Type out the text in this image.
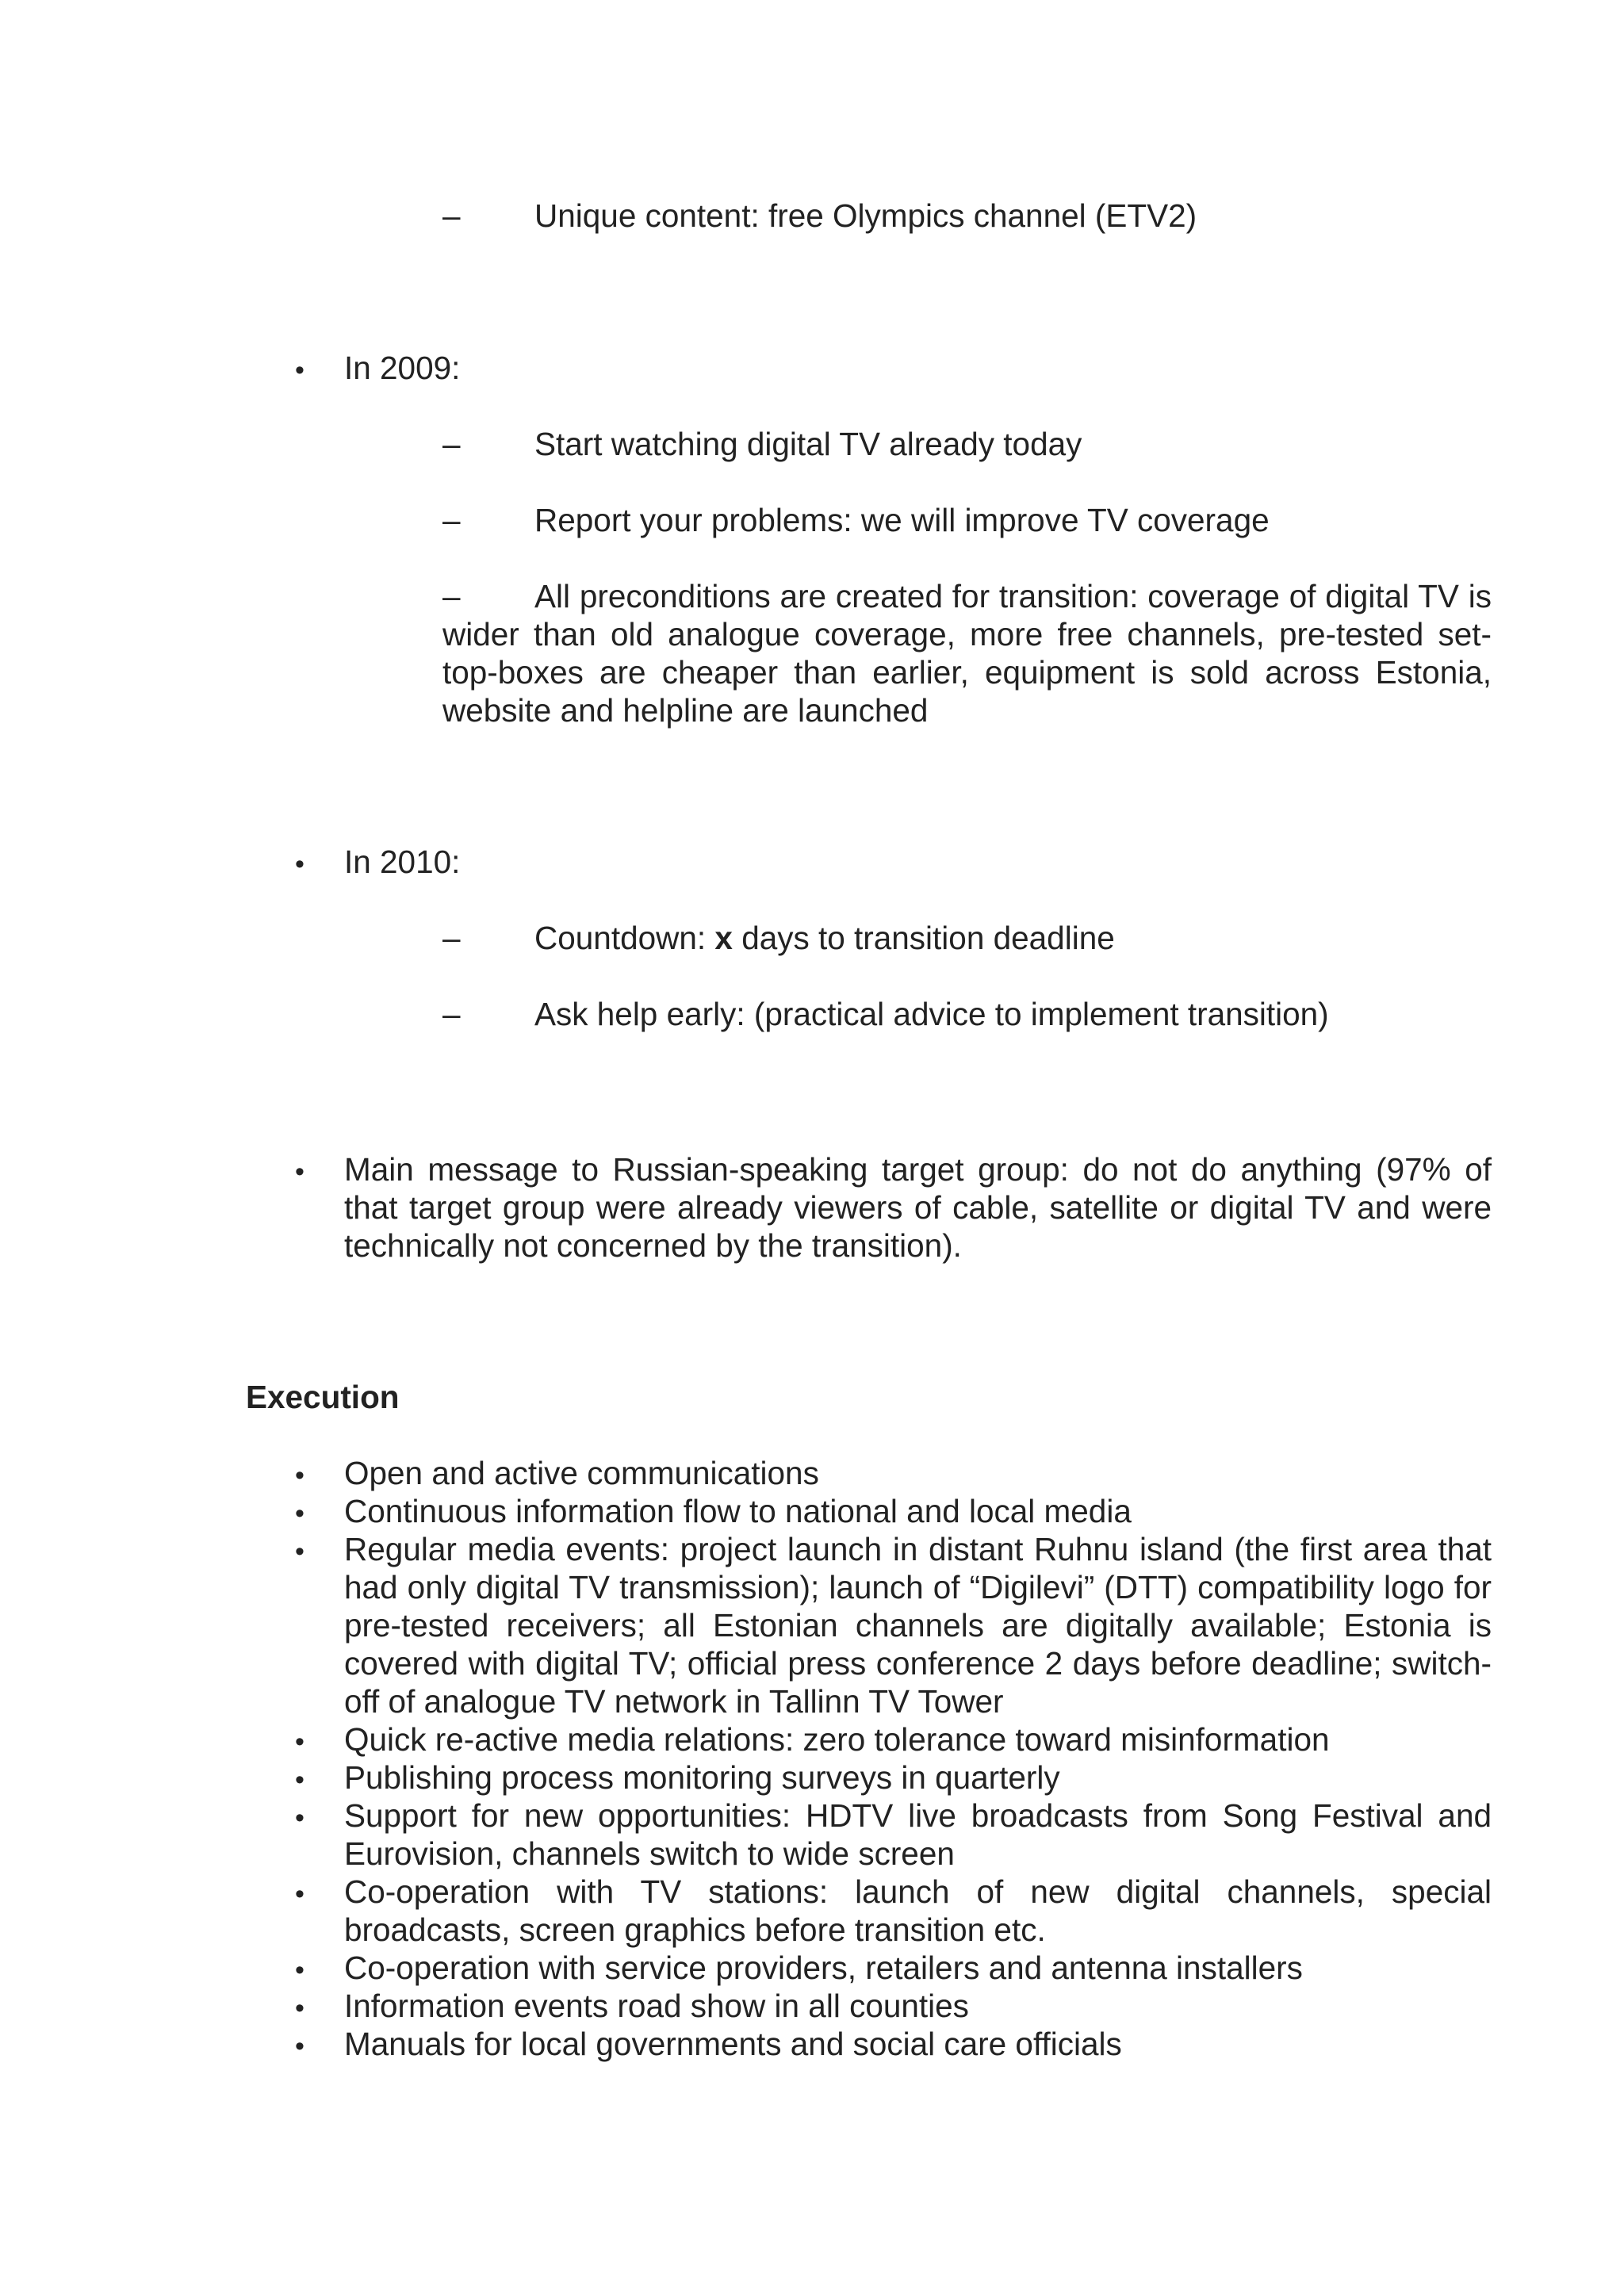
– Unique content: free Olympics channel (ETV2)
• In 2009:
– Start watching digital TV already today
– Report your problems: we will improve TV coverage
– All preconditions are created for transition: coverage of digital TV is wider than old analogue coverage, more free channels, pre-tested set-top-boxes are cheaper than earlier, equipment is sold across Estonia, website and helpline are launched
• In 2010:
– Countdown: x days to transition deadline
– Ask help early: (practical advice to implement transition)
• Main message to Russian-speaking target group: do not do anything (97% of that target group were already viewers of cable, satellite or digital TV and were technically not concerned by the transition).
Execution
• Open and active communications
• Continuous information flow to national and local media
• Regular media events: project launch in distant Ruhnu island (the first area that had only digital TV transmission); launch of “Digilevi” (DTT) compatibility logo for pre-tested receivers; all Estonian channels are digitally available; Estonia is covered with digital TV; official press conference 2 days before deadline; switch-off of analogue TV network in Tallinn TV Tower
• Quick re-active media relations: zero tolerance toward misinformation
• Publishing process monitoring surveys in quarterly
• Support for new opportunities: HDTV live broadcasts from Song Festival and Eurovision, channels switch to wide screen
• Co-operation with TV stations: launch of new digital channels, special broadcasts, screen graphics before transition etc.
• Co-operation with service providers, retailers and antenna installers
• Information events road show in all counties
• Manuals for local governments and social care officials
